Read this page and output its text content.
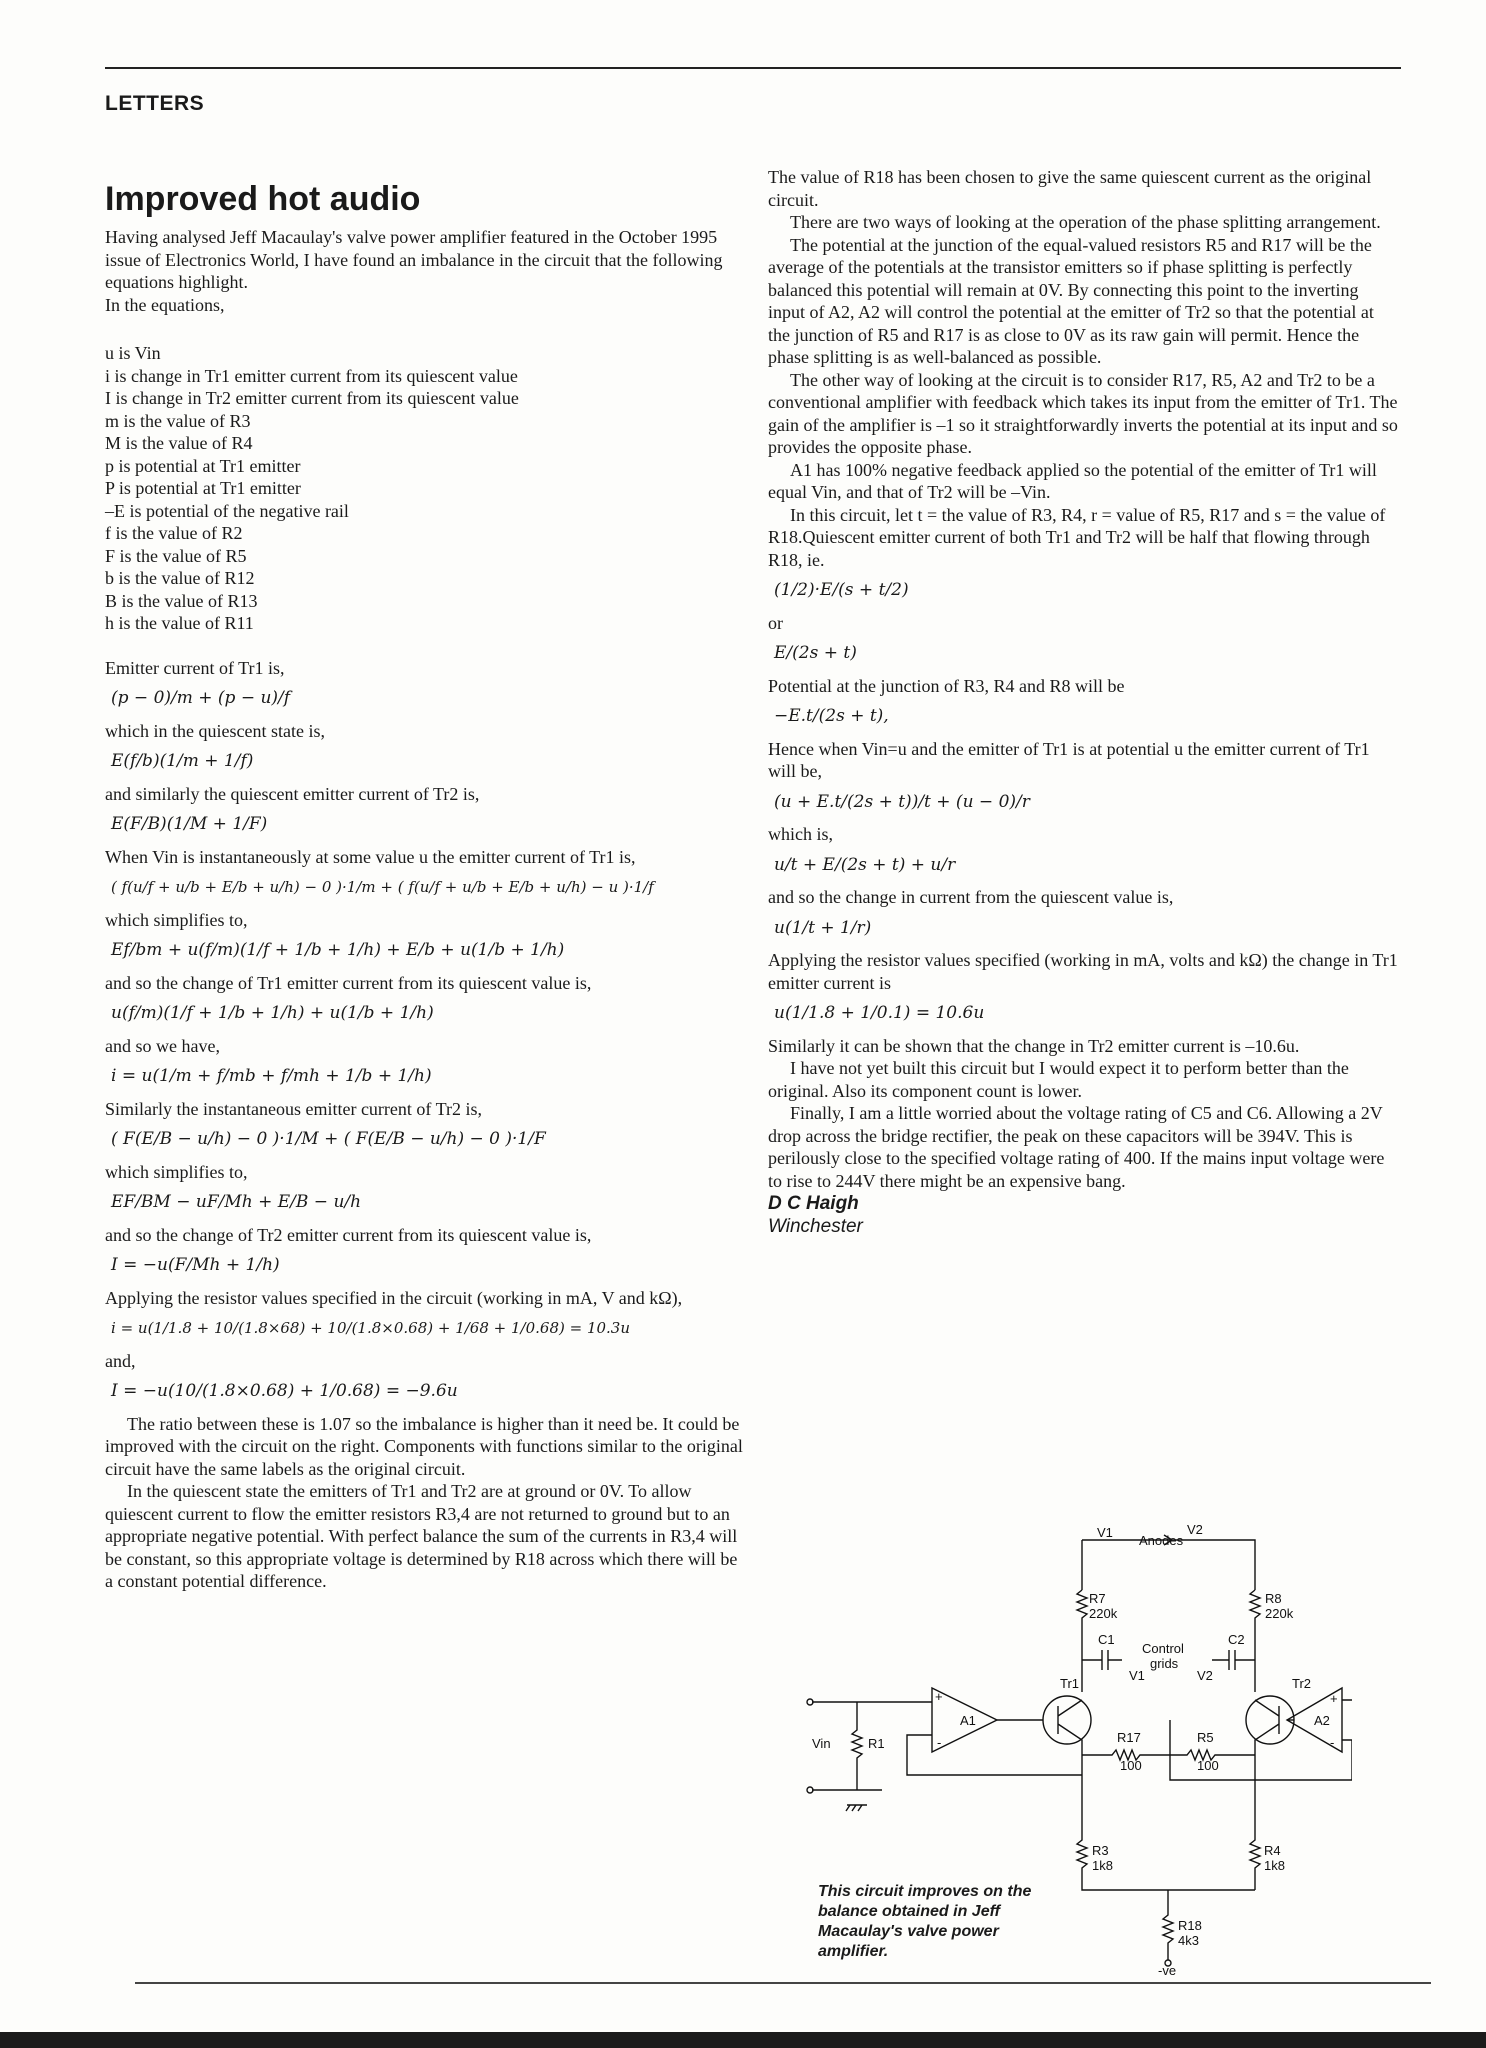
LETTERS
Improved hot audio

Having analysed Jeff Macaulay's valve power amplifier featured in the October 1995 issue of Electronics World, I have found an imbalance in the circuit that the following equations highlight.

In the equations,

u is Vin
i is change in Tr1 emitter current from its quiescent value
I is change in Tr2 emitter current from its quiescent value
m is the value of R3
M is the value of R4
p is potential at Tr1 emitter
P is potential at Tr1 emitter
–E is potential of the negative rail
f is the value of R2
F is the value of R5
b is the value of R12
B is the value of R13
h is the value of R11

Emitter current of Tr1 is,

(p − 0)/m + (p − u)/f

which in the quiescent state is,

E(f/b)(1/m + 1/f)

and similarly the quiescent emitter current of Tr2 is,

E(F/B)(1/M + 1/F)

When Vin is instantaneously at some value u the emitter current of Tr1 is,

( f(u/f + u/b + E/b + u/h) − 0 )·1/m + ( f(u/f + u/b + E/b + u/h) − u )·1/f

which simplifies to,

Ef/bm + u(f/m)(1/f + 1/b + 1/h) + E/b + u(1/b + 1/h)

and so the change of Tr1 emitter current from its quiescent value is,

u(f/m)(1/f + 1/b + 1/h) + u(1/b + 1/h)

and so we have,

i = u(1/m + f/mb + f/mh + 1/b + 1/h)

Similarly the instantaneous emitter current of Tr2 is,

( F(E/B − u/h) − 0 )·1/M + ( F(E/B − u/h) − 0 )·1/F

which simplifies to,

EF/BM − uF/Mh + E/B − u/h

and so the change of Tr2 emitter current from its quiescent value is,

I = −u(F/Mh + 1/h)

Applying the resistor values specified in the circuit (working in mA, V and kΩ),

i = u(1/1.8 + 10/(1.8×68) + 10/(1.8×0.68) + 1/68 + 1/0.68) = 10.3u

and,

I = −u(10/(1.8×0.68) + 1/0.68) = −9.6u

The ratio between these is 1.07 so the imbalance is higher than it need be. It could be improved with the circuit on the right. Components with functions similar to the original circuit have the same labels as the original circuit.

In the quiescent state the emitters of Tr1 and Tr2 are at ground or 0V. To allow quiescent current to flow the emitter resistors R3,4 are not returned to ground but to an appropriate negative potential. With perfect balance the sum of the currents in R3,4 will be constant, so this appropriate voltage is determined by R18 across which there will be a constant potential difference.

The value of R18 has been chosen to give the same quiescent current as the original circuit.

There are two ways of looking at the operation of the phase splitting arrangement.

The potential at the junction of the equal-valued resistors R5 and R17 will be the average of the potentials at the transistor emitters so if phase splitting is perfectly balanced this potential will remain at 0V. By connecting this point to the inverting input of A2, A2 will control the potential at the emitter of Tr2 so that the potential at the junction of R5 and R17 is as close to 0V as its raw gain will permit. Hence the phase splitting is as well-balanced as possible.

The other way of looking at the circuit is to consider R17, R5, A2 and Tr2 to be a conventional amplifier with feedback which takes its input from the emitter of Tr1. The gain of the amplifier is –1 so it straightforwardly inverts the potential at its input and so provides the opposite phase.

A1 has 100% negative feedback applied so the potential of the emitter of Tr1 will equal Vin, and that of Tr2 will be –Vin.

In this circuit, let t = the value of R3, R4, r = value of R5, R17 and s = the value of R18.Quiescent emitter current of both Tr1 and Tr2 will be half that flowing through R18, ie.

(1/2)·E/(s + t/2)

or

E/(2s + t)

Potential at the junction of R3, R4 and R8 will be

−E.t/(2s + t),

Hence when Vin=u and the emitter of Tr1 is at potential u the emitter current of Tr1 will be,

(u + E.t/(2s + t))/t + (u − 0)/r

which is,

u/t + E/(2s + t) + u/r

and so the change in current from the quiescent value is,

u(1/t + 1/r)

Applying the resistor values specified (working in mA, volts and kΩ) the change in Tr1 emitter current is

u(1/1.8 + 1/0.1) = 10.6u

Similarly it can be shown that the change in Tr2 emitter current is –10.6u.

I have not yet built this circuit but I would expect it to perform better than the original. Also its component count is lower.

Finally, I am a little worried about the voltage rating of C5 and C6. Allowing a 2V drop across the bridge rectifier, the peak on these capacitors will be 394V. This is perilously close to the specified voltage rating of 400. If the mains input voltage were to rise to 244V there might be an expensive bang.

D C Haigh
Winchester
V1	V2
Anodes
R7
220k
R8
220k
C1	C2
Control
grids
V1	V2
+
-
A1
Tr1	Tr2
A2
+
-
R17
100
R5
100
Vin	R1
R3
1k8
R4
1k8
R18
4k3
-ve
This circuit improves on the balance obtained in Jeff Macaulay's valve power amplifier.
